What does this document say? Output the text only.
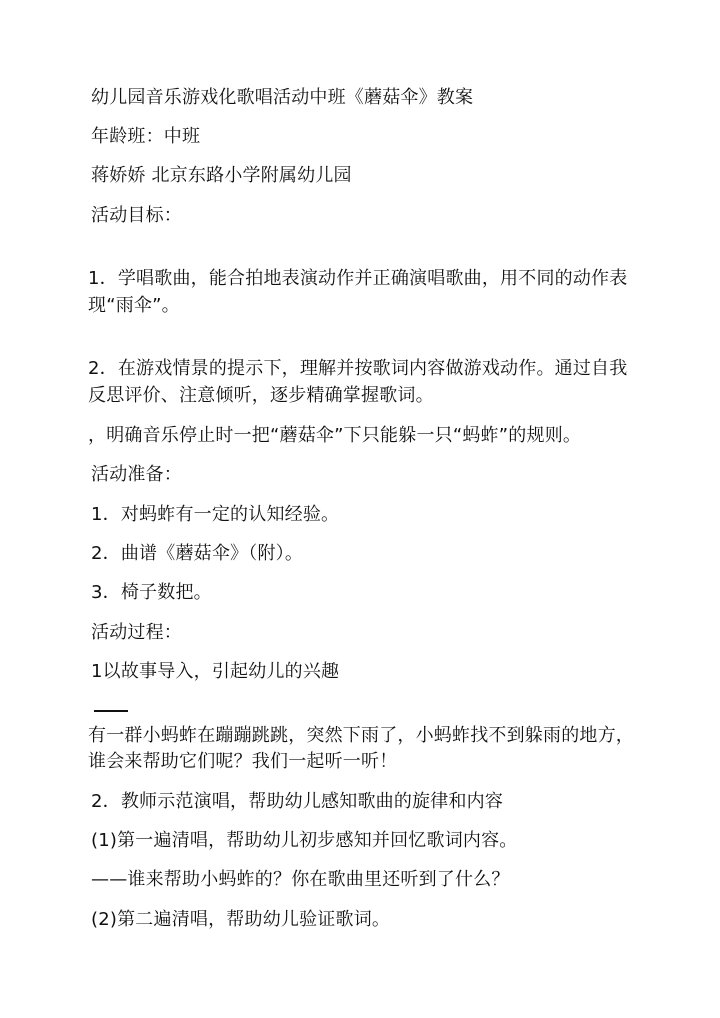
幼儿园音乐游戏化歌唱活动中班《蘑菇伞》教案
年龄班：中班
蒋娇娇 北京东路小学附属幼儿园
活动目标：
1．学唱歌曲，能合拍地表演动作并正确演唱歌曲，用不同的动作表
现“雨伞”。
2．在游戏情景的提示下，理解并按歌词内容做游戏动作。通过自我
反思评价、注意倾听，逐步精确掌握歌词。
，明确音乐停止时一把“蘑菇伞”下只能躲一只“蚂蚱”的规则。
活动准备：
1．对蚂蚱有一定的认知经验。
2．曲谱《蘑菇伞》（附）。
3．椅子数把。
活动过程：
1以故事导入，引起幼儿的兴趣
有一群小蚂蚱在蹦蹦跳跳，突然下雨了，小蚂蚱找不到躲雨的地方，
谁会来帮助它们呢？我们一起听一听！
2．教师示范演唱，帮助幼儿感知歌曲的旋律和内容
(1)第一遍清唱，帮助幼儿初步感知并回忆歌词内容。
——谁来帮助小蚂蚱的？你在歌曲里还听到了什么？
(2)第二遍清唱，帮助幼儿验证歌词。
